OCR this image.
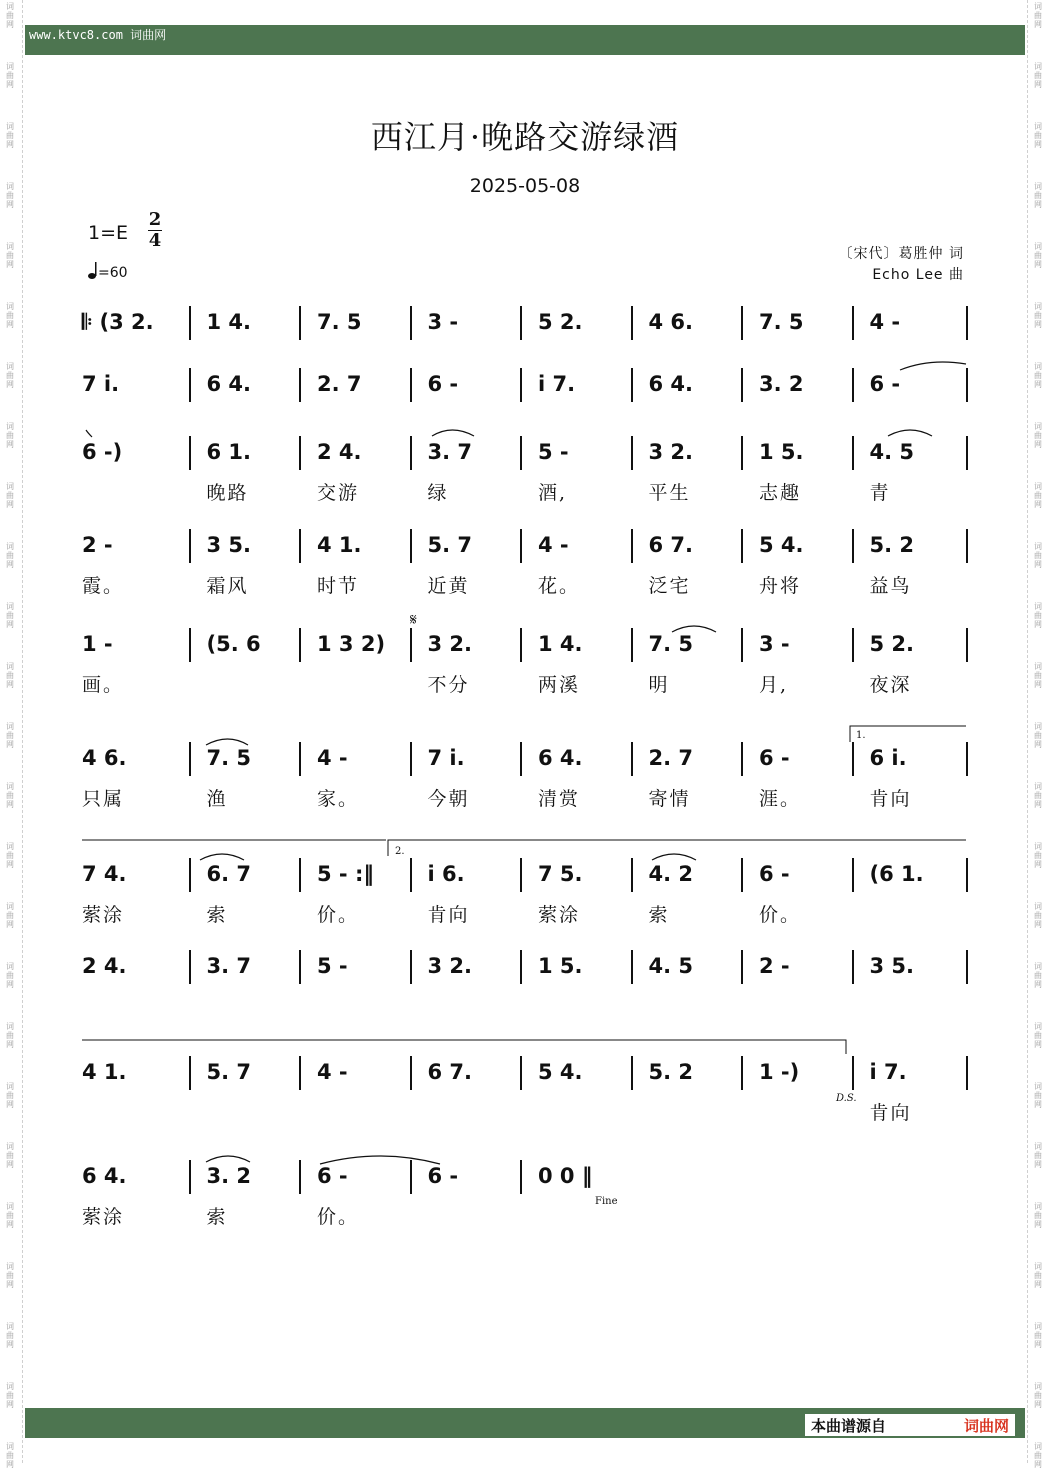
词
曲
网
词
曲
网
词
曲
网
词
曲
网
词
曲
网
词
曲
网
词
曲
网
词
曲
网
词
曲
网
词
曲
网
词
曲
网
词
曲
网
词
曲
网
词
曲
网
词
曲
网
词
曲
网
词
曲
网
词
曲
网
词
曲
网
词
曲
网
词
曲
网
词
曲
网
词
曲
网
词
曲
网
词
曲
网
词
曲
网
词
曲
网
词
曲
网
词
曲
网
词
曲
网
词
曲
网
词
曲
网
词
曲
网
词
曲
网
词
曲
网
词
曲
网
词
曲
网
词
曲
网
词
曲
网
词
曲
网
词
曲
网
词
曲
网
词
曲
网
词
曲
网
词
曲
网
词
曲
网
词
曲
网
词
曲
网
词
曲
网
词
曲
网
www.ktvc8.com 词曲网
西江月·晚路交游绿酒
2025-05-08
1=E
2
4
=60
〔宋代〕葛胜仲 词
Echo Lee 曲
𝄆 (3 2.	1 4.	7. 5	3 -	5 2.	4 6.	7. 5	4 -
7 i.	6 4.	2. 7	6 -	i 7.	6 4.	3. 2	6 -
6 -)	6 1.	2 4.	3. 7	5 -	3 2.	1 5.	4. 5
晚路	交游	绿	酒,	平生	志趣	青
2 -	3 5.	4 1.	5. 7	4 -	6 7.	5 4.	5. 2
霞。	霜风	时节	近黄	花。	泛宅	舟将	益鸟
1 -	(5. 6	1 3 2) 3 2.	1 4.	7. 5	3 -	5 2.
画。	不分	两溪	明	月,	夜深
4 6.	7. 5	4 -	7 i.	6 4.	2. 7	6 -	6 i.
只属	渔	家。	今朝	清赏	寄情	涯。	肯向
7 4.	6. 7	5 - :‖	i 6.	7 5.	4. 2	6 -	(6 1.
萦涂	索	价。	肯向	萦涂	索	价。
2 4.	3. 7	5 -	3 2.	1 5.	4. 5	2 -	3 5.
4 1.	5. 7	4 -	6 7.	5 4.	5. 2	1 -)	i 7.
肯向
6 4.	3. 2	6 -	6 -	0 0 ‖
萦涂	索	价。
D.S.
Fine
1.
2.
𝄋
本曲谱源自	词曲网
